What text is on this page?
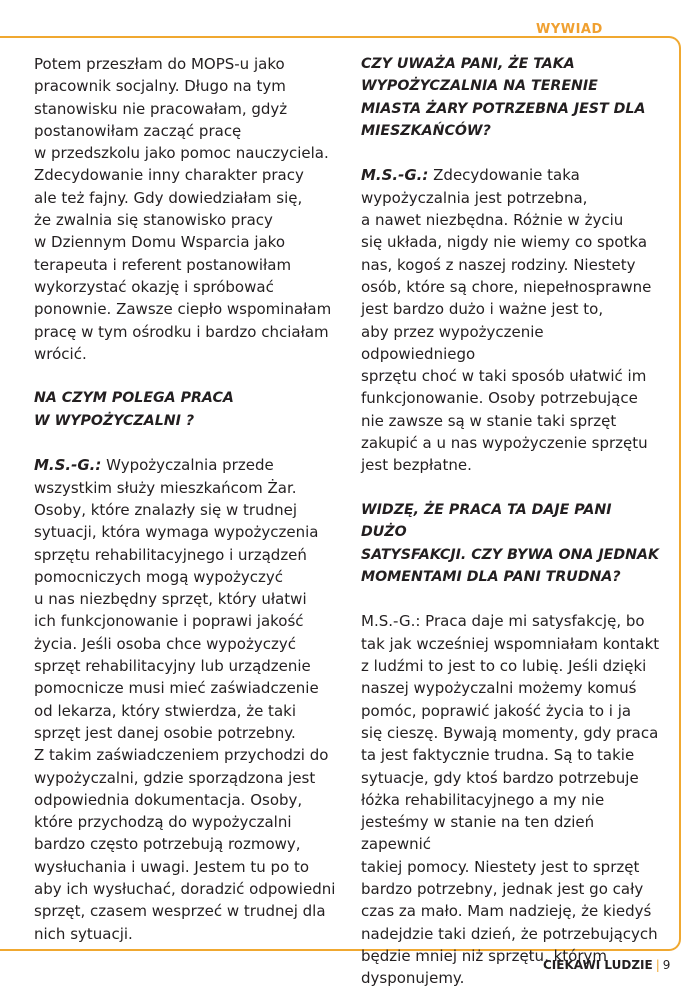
WYWIAD

Potem przeszłam do MOPS-u jako
pracownik socjalny. Długo na tym
stanowisku nie pracowałam, gdyż
postanowiłam zacząć pracę
w przedszkolu jako pomoc nauczyciela.
Zdecydowanie inny charakter pracy
ale też fajny. Gdy dowiedziałam się,
że zwalnia się stanowisko pracy
w Dziennym Domu Wsparcia jako
terapeuta i referent postanowiłam
wykorzystać okazję i spróbować
ponownie. Zawsze ciepło wspominałam
pracę w tym ośrodku i bardzo chciałam
wrócić.

NA CZYM POLEGA PRACA
W WYPOŻYCZALNI ?

M.S.-G.: Wypożyczalnia przede
wszystkim służy mieszkańcom Żar.
Osoby, które znalazły się w trudnej
sytuacji, która wymaga wypożyczenia
sprzętu rehabilitacyjnego i urządzeń
pomocniczych mogą wypożyczyć
u nas niezbędny sprzęt, który ułatwi
ich funkcjonowanie i poprawi jakość
życia. Jeśli osoba chce wypożyczyć
sprzęt rehabilitacyjny lub urządzenie
pomocnicze musi mieć zaświadczenie
od lekarza, który stwierdza, że taki
sprzęt jest danej osobie potrzebny.
Z takim zaświadczeniem przychodzi do
wypożyczalni, gdzie sporządzona jest
odpowiednia dokumentacja. Osoby,
które przychodzą do wypożyczalni
bardzo często potrzebują rozmowy,
wysłuchania i uwagi. Jestem tu po to
aby ich wysłuchać, doradzić odpowiedni
sprzęt, czasem wesprzeć w trudnej dla
nich sytuacji.

CZY UWAŻA PANI, ŻE TAKA
WYPOŻYCZALNIA NA TERENIE
MIASTA ŻARY POTRZEBNA JEST DLA
MIESZKAŃCÓW?

M.S.-G.: Zdecydowanie taka
wypożyczalnia jest potrzebna,
a nawet niezbędna. Różnie w życiu
się układa, nigdy nie wiemy co spotka
nas, kogoś z naszej rodziny. Niestety
osób, które są chore, niepełnosprawne
jest bardzo dużo i ważne jest to,
aby przez wypożyczenie odpowiedniego
sprzętu choć w taki sposób ułatwić im
funkcjonowanie. Osoby potrzebujące
nie zawsze są w stanie taki sprzęt
zakupić a u nas wypożyczenie sprzętu
jest bezpłatne.

WIDZĘ, ŻE PRACA TA DAJE PANI DUŻO
SATYSFAKCJI. CZY BYWA ONA JEDNAK
MOMENTAMI DLA PANI TRUDNA?

M.S.-G.: Praca daje mi satysfakcję, bo
tak jak wcześniej wspomniałam kontakt
z ludźmi to jest to co lubię. Jeśli dzięki
naszej wypożyczalni możemy komuś
pomóc, poprawić jakość życia to i ja
się cieszę. Bywają momenty, gdy praca
ta jest faktycznie trudna. Są to takie
sytuacje, gdy ktoś bardzo potrzebuje
łóżka rehabilitacyjnego a my nie
jesteśmy w stanie na ten dzień zapewnić
takiej pomocy. Niestety jest to sprzęt
bardzo potrzebny, jednak jest go cały
czas za mało. Mam nadzieję, że kiedyś
nadejdzie taki dzień, że potrzebujących
będzie mniej niż sprzętu, którym
dysponujemy.

CIEKAWI LUDZIE | 9
